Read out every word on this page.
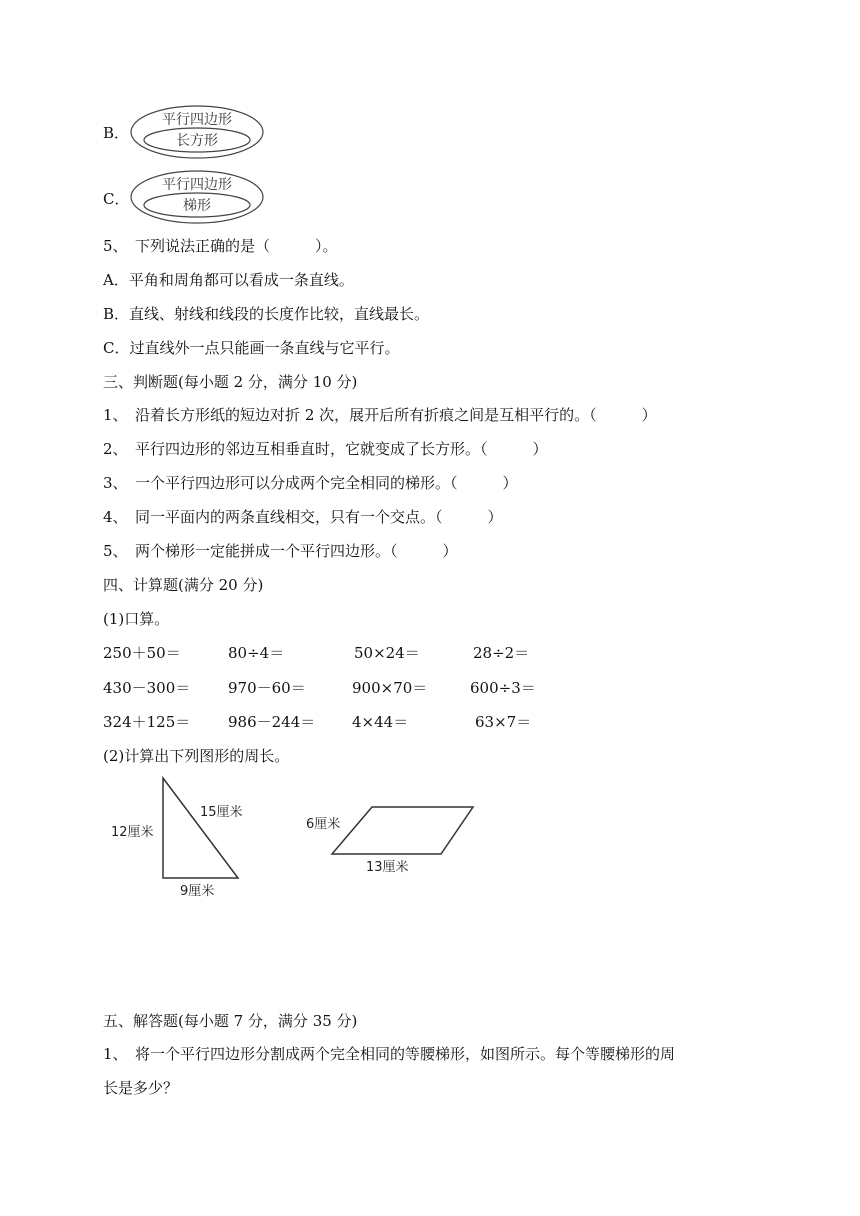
B．
平行四边形
长方形
C．
平行四边形
梯形
5、　下列说法正确的是（　　　）。
A．平角和周角都可以看成一条直线。
B．直线、射线和线段的长度作比较，直线最长。
C．过直线外一点只能画一条直线与它平行。
三、判断题(每小题 2 分，满分 10 分)
1、　沿着长方形纸的短边对折 2 次，展开后所有折痕之间是互相平行的。（　　　）
2、　平行四边形的邻边互相垂直时，它就变成了长方形。（　　　）
3、　一个平行四边形可以分成两个完全相同的梯形。（　　　）
4、　同一平面内的两条直线相交，只有一个交点。（　　　）
5、　两个梯形一定能拼成一个平行四边形。（　　　）
四、计算题(满分 20 分)
(1)口算。
250＋50＝	80÷4＝	50×24＝	28÷2＝
430－300＝	970－60＝	900×70＝	600÷3＝
324＋125＝	986－244＝ 4×44＝	63×7＝
(2)计算出下列图形的周长。
12厘米
15厘米
9厘米
6厘米
13厘米
五、解答题(每小题 7 分，满分 35 分)
1、　将一个平行四边形分割成两个完全相同的等腰梯形，如图所示。每个等腰梯形的周
长是多少？
